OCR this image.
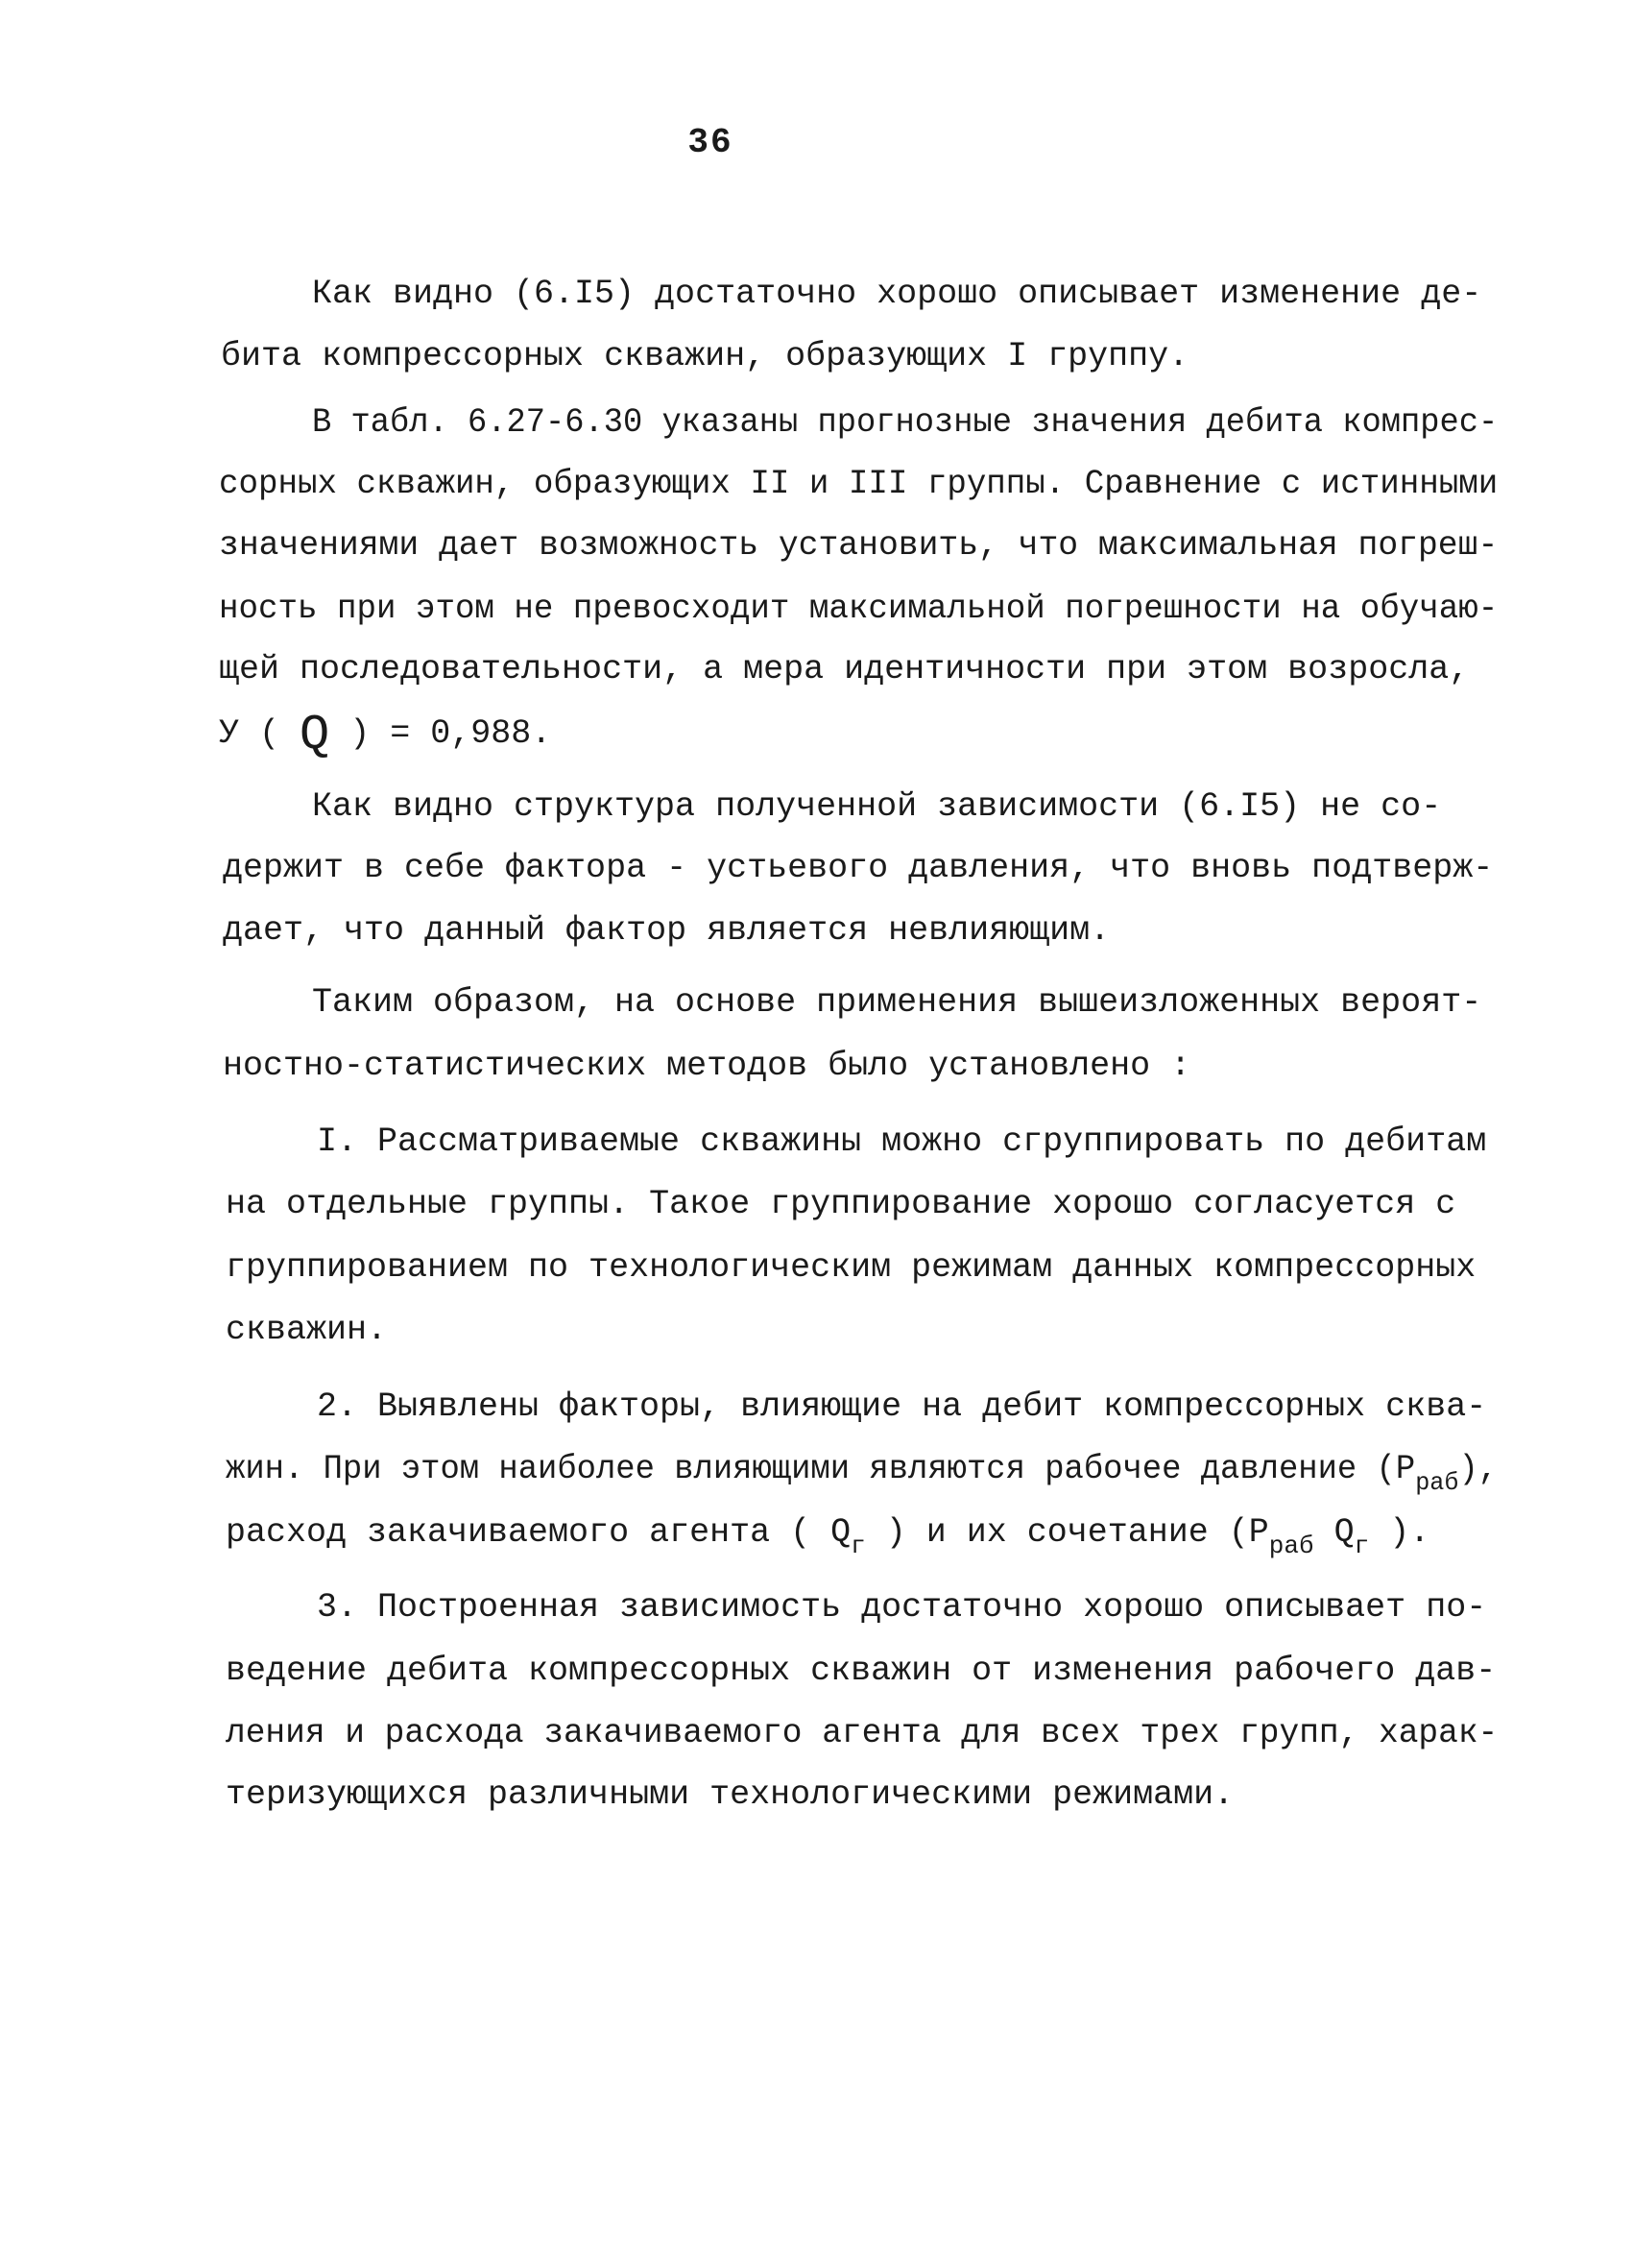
36
Как видно (6.I5) достаточно хорошо описывает изменение де-
бита компрессорных скважин, образующих I группу.
В табл. 6.27-6.30 указаны прогнозные значения дебита компрес-
сорных скважин, образующих II и III группы. Сравнение с истинными
значениями дает возможность установить, что максимальная погреш-
ность при этом не превосходит максимальной погрешности на обучаю-
щей последовательности, а мера идентичности при этом возросла,
У ( Q ) = 0,988.
Как видно структура полученной зависимости (6.I5) не со-
держит в себе фактора - устьевого давления, что вновь подтверж-
дает, что данный фактор является невлияющим.
Таким образом, на основе применения вышеизложенных вероят-
ностно-статистических методов было установлено :
I. Рассматриваемые скважины можно сгруппировать по дебитам
на отдельные группы. Такое группирование хорошо согласуется с
группированием по технологическим режимам данных компрессорных
скважин.
2. Выявлены факторы, влияющие на дебит компрессорных сква-
жин. При этом наиболее влияющими являются рабочее давление $(P_{раб})$,
расход закачиваемого агента ( $Q_г$ ) и их сочетание ($P_{раб}$ $Q_г$ ).
3. Построенная зависимость достаточно хорошо описывает по-
ведение дебита компрессорных скважин от изменения рабочего дав-
ления и расхода закачиваемого агента для всех трех групп, харак-
теризующихся различными технологическими режимами.
